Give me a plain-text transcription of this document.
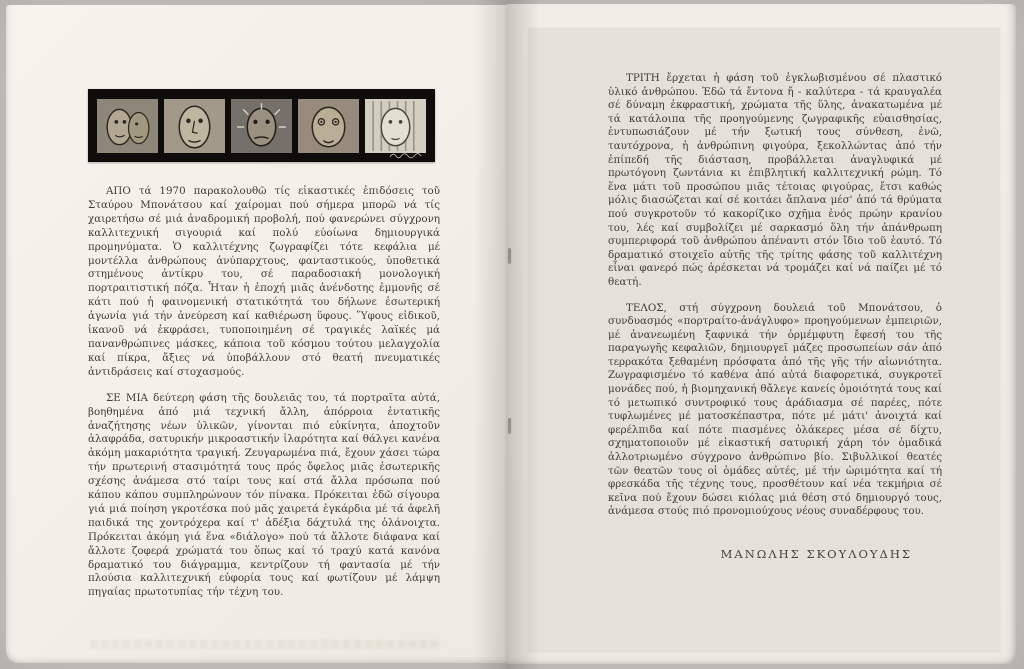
ΑΠΟ τά 1970 παρακολουθῶ τίς εἰκαστικές ἐπιδόσεις τοῦ Σταύρου Μπονάτσου καί χαίρομαι πού σήμερα μπορῶ νά τίς χαιρετήσω σέ μιά ἀναδρομική προβολή, πού φανερώνει σύγχρονη καλλιτεχνική σιγουριά καί πολύ εὐοίωνα δημιουργικά προμηνύματα. Ὁ καλλιτέχνης ζωγραφίζει τότε κεφάλια μέ μοντέλλα ἀνθρώπους ἀνύπαρχτους, φανταστικούς, ὑποθετικά στημένους ἀντίκρυ του, σέ παραδοσιακή μονολογική πορτραιτιστική πόζα. Ἦταν ἡ ἐποχή μιᾶς ἀνένδοτης ἐμμονῆς σέ κάτι πού ἡ φαινομενική στατικότητά του δήλωνε ἐσωτερική ἀγωνία γιά τήν ἀνεύρεση καί καθιέρωση ὕφους. Ὕφους εἰδικοῦ, ἱκανοῦ νά ἐκφράσει, τυποποιημένη σέ τραγικές λαϊκές μά πανανθρώπινες μάσκες, κάποια τοῦ κόσμου τούτου μελαγχολία καί πίκρα, ἄξιες νά ὑποβάλλουν στό θεατή πνευματικές ἀντιδράσεις καί στοχασμούς.

ΣΕ ΜΙΑ δεύτερη φάση τῆς δουλειᾶς του, τά πορτραῖτα αὐτά, βοηθημένα ἀπό μιά τεχνική ἄλλη, ἀπόρροια ἐντατικῆς ἀναζήτησης νέων ὑλικῶν, γίνονται πιό εὐκίνητα, ἀποχτοῦν ἁλαφράδα, σατυρικήν μικροαστικήν ἱλαρότητα καί θάλγει κανένα ἀκόμη μακαριότητα τραγική. Ζευγαρωμένα πιά, ἔχουν χάσει τώρα τήν πρωτερινή στασιμότητά τους πρός ὄφελος μιᾶς ἐσωτερικῆς σχέσης ἀνάμεσα στό ταίρι τους καί στά ἄλλα πρόσωπα πού κάπου κάπου συμπληρώνουν τόν πίνακα. Πρόκειται ἐδῶ σίγουρα γιά μιά ποίηση γκροτέσκα πού μᾶς χαιρετά ἐγκάρδια μέ τά ἀφελῆ παιδικά της χοντρόχερα καί τ' ἀδέξια δάχτυλά της ὁλάνοιχτα. Πρόκειται ἀκόμη γιά ἕνα «διάλογο» πού τά ἄλλοτε διάφανα καί ἄλλοτε ζοφερά χρώματά του ὅπως καί τό τραχύ κατά κανόνα δραματικό του διάγραμμα, κεντρίζουν τή φαντασία μέ τήν πλούσια καλλιτεχνική εὐφορία τους καί φωτίζουν μέ λάμψη πηγαίας πρωτοτυπίας τήν τέχνη του.

ΤΡΙΤΗ ἔρχεται ἡ φάση τοῦ ἐγκλωβισμένου σέ πλαστικό ὑλικό ἀνθρώπου. Ἐδῶ τά ἔντονα ἤ - καλύτερα - τά κραυγαλέα σέ δύναμη ἐκφραστική, χρώματα τῆς ὕλης, ἀνακατωμένα μέ τά κατάλοιπα τῆς προηγούμενης ζωγραφικῆς εὐαισθησίας, ἐντυπωσιάζουν μέ τήν ξωτική τους σύνθεση, ἐνῶ, ταυτόχρονα, ἡ ἀνθρώπινη φιγούρα, ξεκολλώντας ἀπό τήν ἐπίπεδή τῆς διάσταση, προβάλλεται ἀναγλυφικά μέ πρωτόγονη ζωντάνια κι ἐπιβλητική καλλιτεχνική ρώμη. Τό ἕνα μάτι τοῦ προσώπου μιᾶς τέτοιας φιγούρας, ἔτσι καθώς μόλις διασώζεται καί σέ κοιτάει ἄπλανα μέσ' ἀπό τά θρύματα πού συγκροτοῦν τό κακορίζικο σχῆμα ἑνός πρώην κρανίου του, λές καί συμβολίζει μέ σαρκασμό ὅλη τήν ἀπάνθρωπη συμπεριφορά τοῦ ἀνθρώπου ἀπέναντι στόν ἴδιο τοῦ ἑαυτό. Τό δραματικό στοιχεῖο αὐτῆς τῆς τρίτης φάσης τοῦ καλλιτέχνη εἶναι φανερό πώς ἀρέσκεται νά τρομάζει καί νά παίζει μέ τό θεατή.

ΤΕΛΟΣ, στή σύγχρονη δουλειά τοῦ Μπονάτσου, ὁ συνδυασμός «πορτραίτο-ἀνάγλυφο» προηγούμενων ἐμπειριῶν, μέ ἀνανεωμένη ξαφνικά τήν ὁρμέμφυτη ἔφεσή του τῆς παραγωγῆς κεφαλιῶν, δημιουργεῖ μάζες προσωπείων σάν ἀπό τερρακότα ξεθαμένη πρόσφατα ἀπό τῆς γῆς τήν αἰωνιότητα. Ζωγραφισμένο τό καθένα ἀπό αὐτά διαφορετικά, συγκροτεῖ μονάδες πού, ἡ βιομηχανική θἄλεγε κανείς ὁμοιότητά τους καί τό μετωπικό συντροφικό τους ἀράδιασμα σέ παρέες, πότε τυφλωμένες μέ ματοσκέπαστρα, πότε μέ μάτι' ἀνοιχτά καί φερέλπιδα καί πότε πιασμένες ὁλάκερες μέσα σέ δίχτυ, σχηματοποιοῦν μέ εἰκαστική σατυρική χάρη τόν ὁμαδικά ἀλλοτριωμένο σύγχρονο ἀνθρώπινο βίο. Σιβυλλικοί θεατές τῶν θεατῶν τους οἱ ὁμάδες αὐτές, μέ τήν ὡριμότητα καί τή φρεσκάδα τῆς τέχνης τους, προσθέτουν καί νέα τεκμήρια σέ κεῖνα πού ἔχουν δώσει κιόλας μιά θέση στό δημιουργό τους, ἀνάμεσα στούς πιό προνομιούχους νέους συναδέρφους του.

ΜΑΝΩΛΗΣ ΣΚΟΥΛΟΥΔΗΣ
